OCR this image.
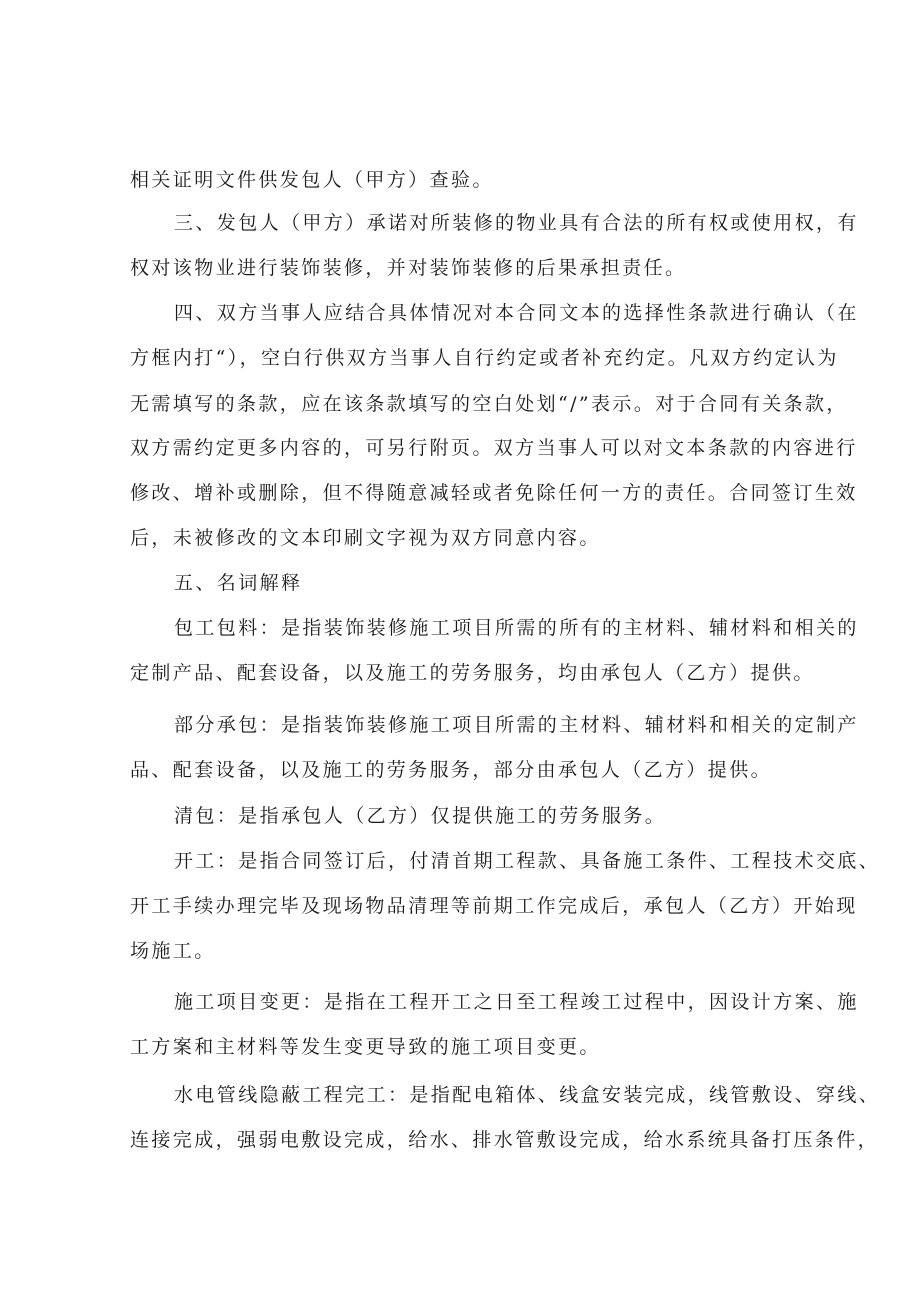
相关证明文件供发包人（甲方）查验。
三、发包人（甲方）承诺对所装修的物业具有合法的所有权或使用权，有
权对该物业进行装饰装修，并对装饰装修的后果承担责任。
四、双方当事人应结合具体情况对本合同文本的选择性条款进行确认（在
方框内打“），空白行供双方当事人自行约定或者补充约定。凡双方约定认为
无需填写的条款，应在该条款填写的空白处划“/”表示。对于合同有关条款，
双方需约定更多内容的，可另行附页。双方当事人可以对文本条款的内容进行
修改、增补或删除，但不得随意减轻或者免除任何一方的责任。合同签订生效
后，未被修改的文本印刷文字视为双方同意内容。
五、名词解释
包工包料：是指装饰装修施工项目所需的所有的主材料、辅材料和相关的
定制产品、配套设备，以及施工的劳务服务，均由承包人（乙方）提供。
部分承包：是指装饰装修施工项目所需的主材料、辅材料和相关的定制产
品、配套设备，以及施工的劳务服务，部分由承包人（乙方）提供。
清包：是指承包人（乙方）仅提供施工的劳务服务。
开工：是指合同签订后，付清首期工程款、具备施工条件、工程技术交底、
开工手续办理完毕及现场物品清理等前期工作完成后，承包人（乙方）开始现
场施工。
施工项目变更：是指在工程开工之日至工程竣工过程中，因设计方案、施
工方案和主材料等发生变更导致的施工项目变更。
水电管线隐蔽工程完工：是指配电箱体、线盒安装完成，线管敷设、穿线、
连接完成，强弱电敷设完成，给水、排水管敷设完成，给水系统具备打压条件，
